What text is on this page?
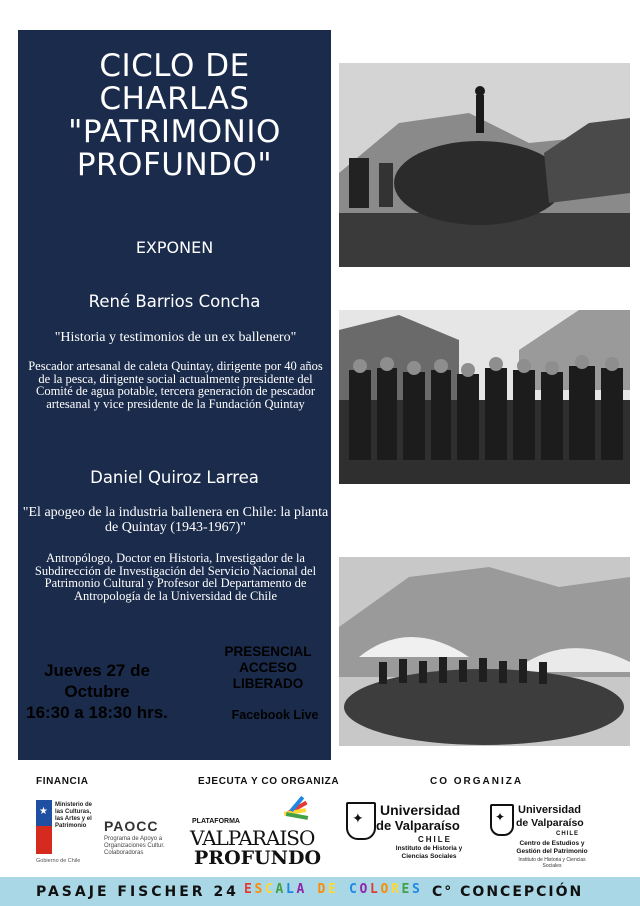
CICLO DE
CHARLAS
"PATRIMONIO
PROFUNDO"
EXPONEN
René Barrios Concha
"Historia y testimonios de un ex ballenero"
Pescador artesanal de caleta Quintay, dirigente por 40 años de la pesca, dirigente social actualmente presidente del Comité de agua potable, tercera generación de pescador artesanal y vice presidente de la Fundación Quintay
Daniel Quiroz Larrea
"El apogeo de la industria ballenera en Chile: la planta de Quintay (1943-1967)"
Antropólogo, Doctor en Historia, Investigador de la Subdirección de Investigación del Servicio Nacional del Patrimonio Cultural y Profesor del Departamento de Antropología de la Universidad de Chile
Jueves 27 de
Octubre
16:30 a 18:30 hrs.
PRESENCIAL
ACCESO
LIBERADO
Facebook Live
FINANCIA	EJECUTA Y CO ORGANIZA	CO ORGANIZA
★
Ministerio de las Culturas, las Artes y el Patrimonio
Gobierno de Chile
PAOCC
Programa de Apoyo a Organizaciones Cultur. Colaboradoras
PLATAFORMA
VALPARAISO
PROFUNDO
✦ Universidad
de Valparaíso
CHILE
Instituto de Historia y Ciencias Sociales
✦ Universidad
de Valparaíso
CHILE
Centro de Estudios y
Gestión del Patrimonio
Instituto de Historia y Ciencias Sociales
PASAJE FISCHER 24 E S C A L A D E C O L O R E S C° CONCEPCIÓN
